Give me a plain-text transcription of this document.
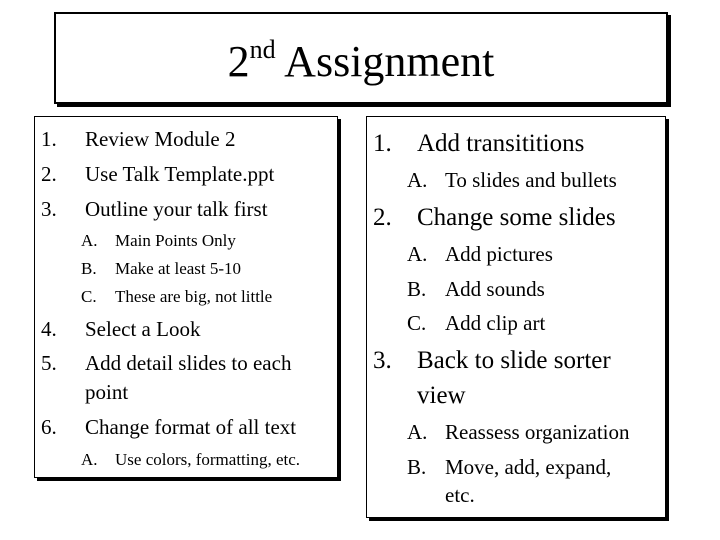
2nd Assignment
1. Review Module 2
2. Use Talk Template.ppt
3. Outline your talk first
A. Main Points Only
B. Make at least 5-10
C. These are big, not little
4. Select a Look
5. Add detail slides to each
point
6. Change format of all text
A. Use colors, formatting, etc.
1. Add transititions
A. To slides and bullets
2. Change some slides
A. Add pictures
B. Add sounds
C. Add clip art
3. Back to slide sorter
view
A. Reassess organization
B. Move, add, expand,
etc.
